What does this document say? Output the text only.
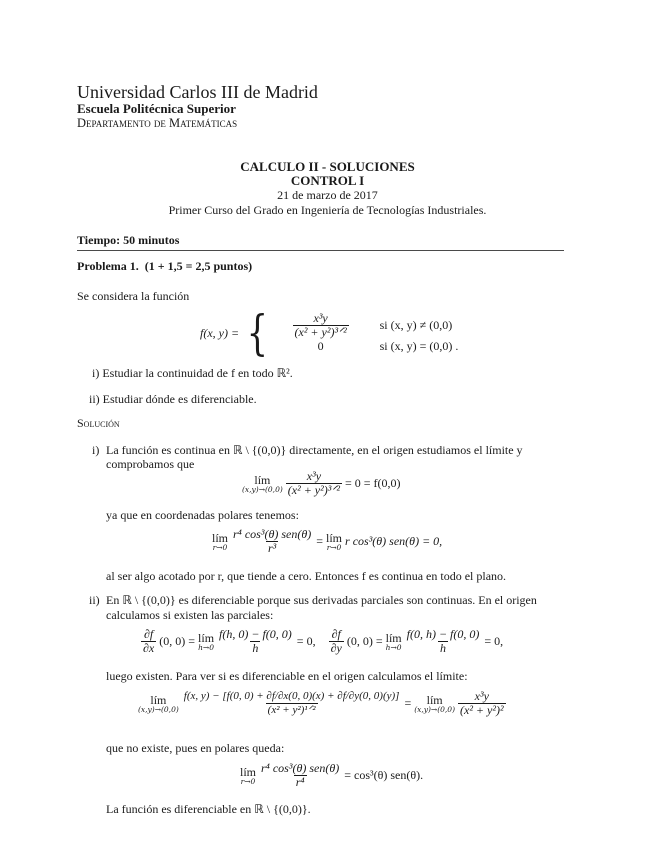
Universidad Carlos III de Madrid
Escuela Politécnica Superior
Departamento de Matemáticas
CALCULO II - SOLUCIONES
CONTROL I
21 de marzo de 2017
Primer Curso del Grado en Ingeniería de Tecnologías Industriales.
Tiempo: 50 minutos
Problema 1. (1 + 1,5 = 2,5 puntos)
Se considera la función
f(x, y) = { $\frac{\text{x³y}}{\text{(x² + y²)³ᐟ²}}$ si (x, y) ≠ (0,0)
0	si (x, y) = (0,0) .
i) Estudiar la continuidad de f en todo ℝ².
ii) Estudiar dónde es diferenciable.
Solución
i) La función es continua en ℝ \ {(0,0)} directamente, en el origen estudiamos el límite y
comprobamos que
lím
$(x,y)\to(0,0) \frac{\text{x³y}}{\text{(x² + y²)³ᐟ²}} = 0 = f(0,0)$
ya que en coordenadas polares tenemos:
lím
$r\to 0 \frac{\text{r⁴ cos³(θ) sen(θ)}}{\text{r³}}$ = lím
r→0 r cos³(θ) sen(θ) = 0,
al ser algo acotado por r, que tiende a cero. Entonces f es continua en todo el plano.
ii) En ℝ \ {(0,0)} es diferenciable porque sus derivadas parciales son continuas. En el origen
calculamos si existen las parciales:
$\frac{\partial f}{\partial x} (0$, 0) = lím
$h\to 0 \frac{f(h, 0) - f(0, 0)}{h} = 0$, $\frac{\partial f}{\partial y} (0$, 0) = lím
$h\to 0 \frac{f(0, h) - f(0, 0)}{h} = 0$,
luego existen. Para ver si es diferenciable en el origen calculamos el límite:
lím
$(x,y)\to(0,0) \frac{f(x, y) - [f(0, 0) + \partial f/\partial x(0, 0)(x) + \partial f/\partial y(0, 0)(y)]}{\text{(x² + y²)¹ᐟ²}}$ = lím
$(x,y)\to(0,0) \frac{\text{x³y}}{\text{(x² + y²)²}}$
que no existe, pues en polares queda:
lím
$r\to 0 \frac{\text{r⁴ cos³(θ) sen(θ)}}{\text{r⁴}} = \cos^3(\theta)$ sen(θ).
La función es diferenciable en ℝ \ {(0,0)}.
